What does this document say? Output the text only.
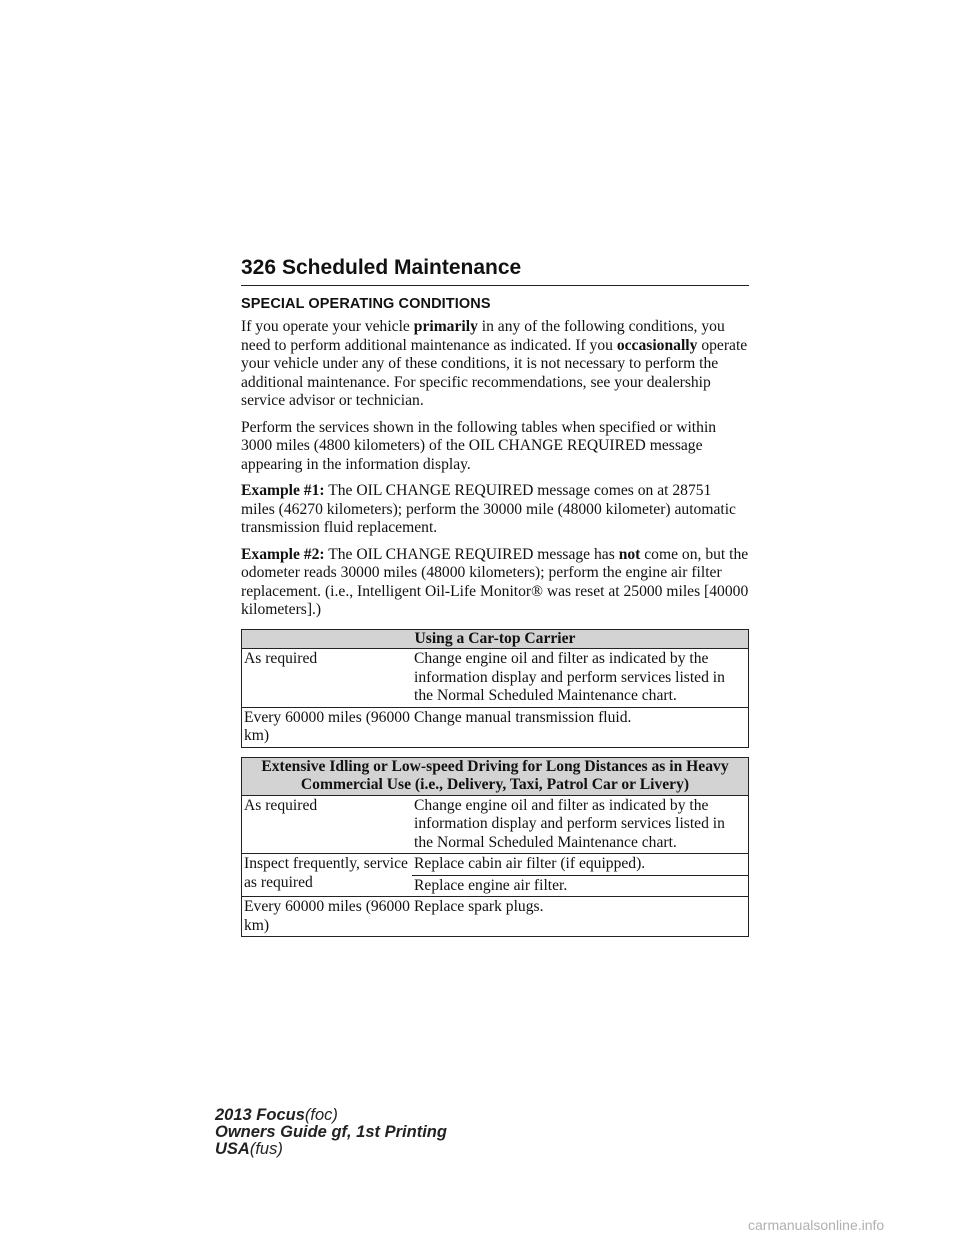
326 Scheduled Maintenance
SPECIAL OPERATING CONDITIONS

If you operate your vehicle primarily in any of the following conditions, you need to perform additional maintenance as indicated. If you occasionally operate your vehicle under any of these conditions, it is not necessary to perform the additional maintenance. For specific recommendations, see your dealership service advisor or technician.

Perform the services shown in the following tables when specified or within 3000 miles (4800 kilometers) of the OIL CHANGE REQUIRED message appearing in the information display.

Example #1: The OIL CHANGE REQUIRED message comes on at 28751 miles (46270 kilometers); perform the 30000 mile (48000 kilometer) automatic transmission fluid replacement.

Example #2: The OIL CHANGE REQUIRED message has not come on, but the odometer reads 30000 miles (48000 kilometers); perform the engine air filter replacement. (i.e., Intelligent Oil-Life Monitor® was reset at 25000 miles [40000 kilometers].)

Using a Car-top Carrier	
As required	Change engine oil and filter as indicated by the information display and perform services listed in the Normal Scheduled Maintenance chart.
Every 60000 miles (96000 km)	Change manual transmission fluid.
Extensive Idling or Low-speed Driving for Long Distances as in Heavy Commercial Use (i.e., Delivery, Taxi, Patrol Car or Livery)	
As required	Change engine oil and filter as indicated by the information display and perform services listed in the Normal Scheduled Maintenance chart.
Inspect frequently, service as required	Replace cabin air filter (if equipped).
	Replace engine air filter.
Every 60000 miles (96000 km)	Replace spark plugs.
2013 Focus(foc)
Owners Guide gf, 1st Printing
USA(fus)
carmanualsonline.info
